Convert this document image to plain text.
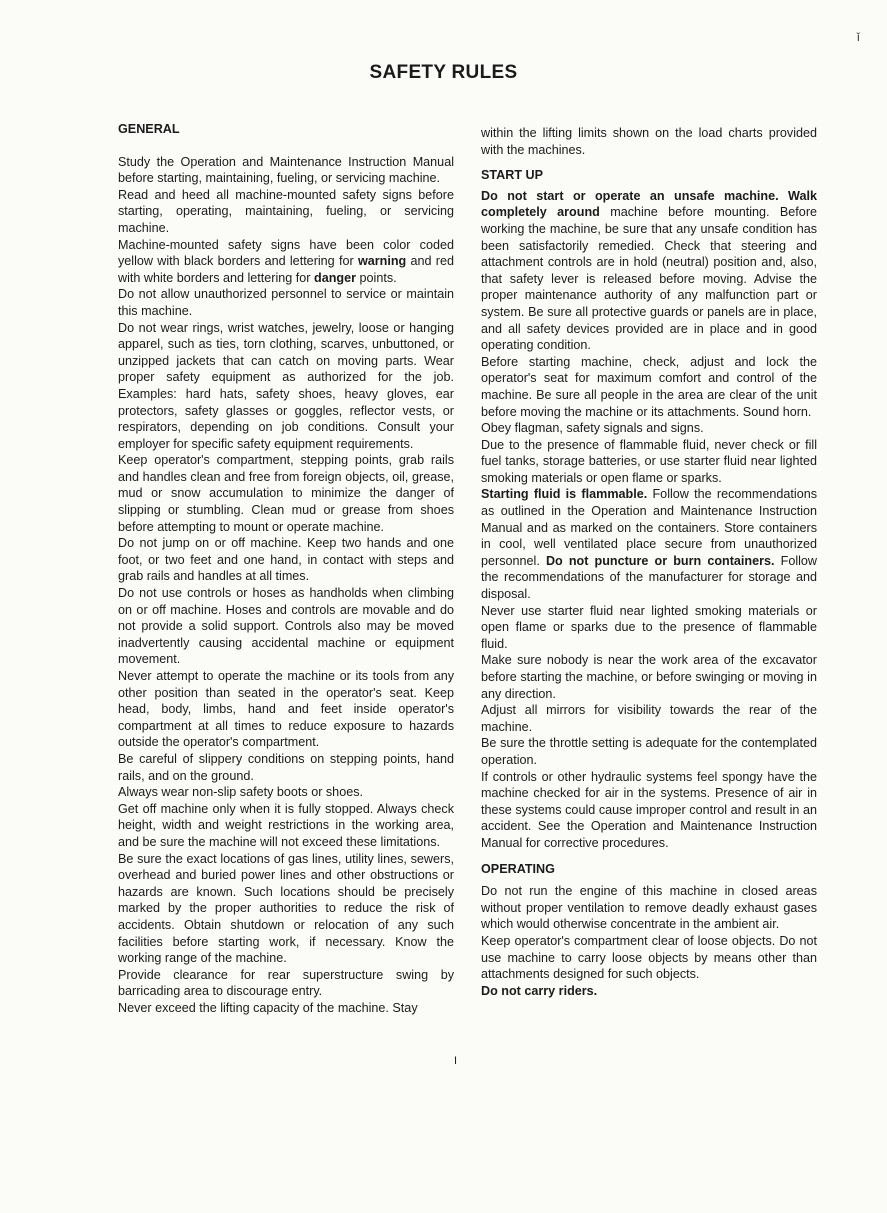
SAFETY RULES
ǐ

GENERAL

Study the Operation and Maintenance Instruction Manual before starting, maintaining, fueling, or servicing machine.

Read and heed all machine-mounted safety signs before starting, operating, maintaining, fueling, or servicing machine.

Machine-mounted safety signs have been color coded yellow with black borders and lettering for warning and red with white borders and lettering for danger points.

Do not allow unauthorized personnel to service or maintain this machine.

Do not wear rings, wrist watches, jewelry, loose or hanging apparel, such as ties, torn clothing, scarves, unbuttoned, or unzipped jackets that can catch on moving parts. Wear proper safety equipment as authorized for the job. Examples: hard hats, safety shoes, heavy gloves, ear protectors, safety glasses or goggles, reflector vests, or respirators, depending on job conditions. Consult your employer for specific safety equipment requirements.

Keep operator's compartment, stepping points, grab rails and handles clean and free from foreign objects, oil, grease, mud or snow accumulation to minimize the danger of slipping or stumbling. Clean mud or grease from shoes before attempting to mount or operate machine.

Do not jump on or off machine. Keep two hands and one foot, or two feet and one hand, in contact with steps and grab rails and handles at all times.

Do not use controls or hoses as handholds when climbing on or off machine. Hoses and controls are movable and do not provide a solid support. Controls also may be moved inadvertently causing accidental machine or equipment movement.

Never attempt to operate the machine or its tools from any other position than seated in the operator's seat. Keep head, body, limbs, hand and feet inside operator's compartment at all times to reduce exposure to hazards outside the operator's compartment.

Be careful of slippery conditions on stepping points, hand rails, and on the ground.

Always wear non-slip safety boots or shoes.

Get off machine only when it is fully stopped. Always check height, width and weight restrictions in the working area, and be sure the machine will not exceed these limitations.

Be sure the exact locations of gas lines, utility lines, sewers, overhead and buried power lines and other obstructions or hazards are known. Such locations should be precisely marked by the proper authorities to reduce the risk of accidents. Obtain shutdown or relocation of any such facilities before starting work, if necessary. Know the working range of the machine.

Provide clearance for rear superstructure swing by barricading area to discourage entry.

Never exceed the lifting capacity of the machine. Stay

within the lifting limits shown on the load charts provided with the machines.

START UP

Do not start or operate an unsafe machine. Walk completely around machine before mounting. Before working the machine, be sure that any unsafe condition has been satisfactorily remedied. Check that steering and attachment controls are in hold (neutral) position and, also, that safety lever is released before moving. Advise the proper maintenance authority of any malfunction part or system. Be sure all protective guards or panels are in place, and all safety devices provided are in place and in good operating condition.

Before starting machine, check, adjust and lock the operator's seat for maximum comfort and control of the machine. Be sure all people in the area are clear of the unit before moving the machine or its attachments. Sound horn.

Obey flagman, safety signals and signs.

Due to the presence of flammable fluid, never check or fill fuel tanks, storage batteries, or use starter fluid near lighted smoking materials or open flame or sparks.

Starting fluid is flammable. Follow the recommendations as outlined in the Operation and Maintenance Instruction Manual and as marked on the containers. Store containers in cool, well ventilated place secure from unauthorized personnel. Do not puncture or burn containers. Follow the recommendations of the manufacturer for storage and disposal.

Never use starter fluid near lighted smoking materials or open flame or sparks due to the presence of flammable fluid.

Make sure nobody is near the work area of the excavator before starting the machine, or before swinging or moving in any direction.

Adjust all mirrors for visibility towards the rear of the machine.

Be sure the throttle setting is adequate for the contemplated operation.

If controls or other hydraulic systems feel spongy have the machine checked for air in the systems. Presence of air in these systems could cause improper control and result in an accident. See the Operation and Maintenance Instruction Manual for corrective procedures.

OPERATING

Do not run the engine of this machine in closed areas without proper ventilation to remove deadly exhaust gases which would otherwise concentrate in the ambient air.

Keep operator's compartment clear of loose objects. Do not use machine to carry loose objects by means other than attachments designed for such objects.

Do not carry riders.

I
